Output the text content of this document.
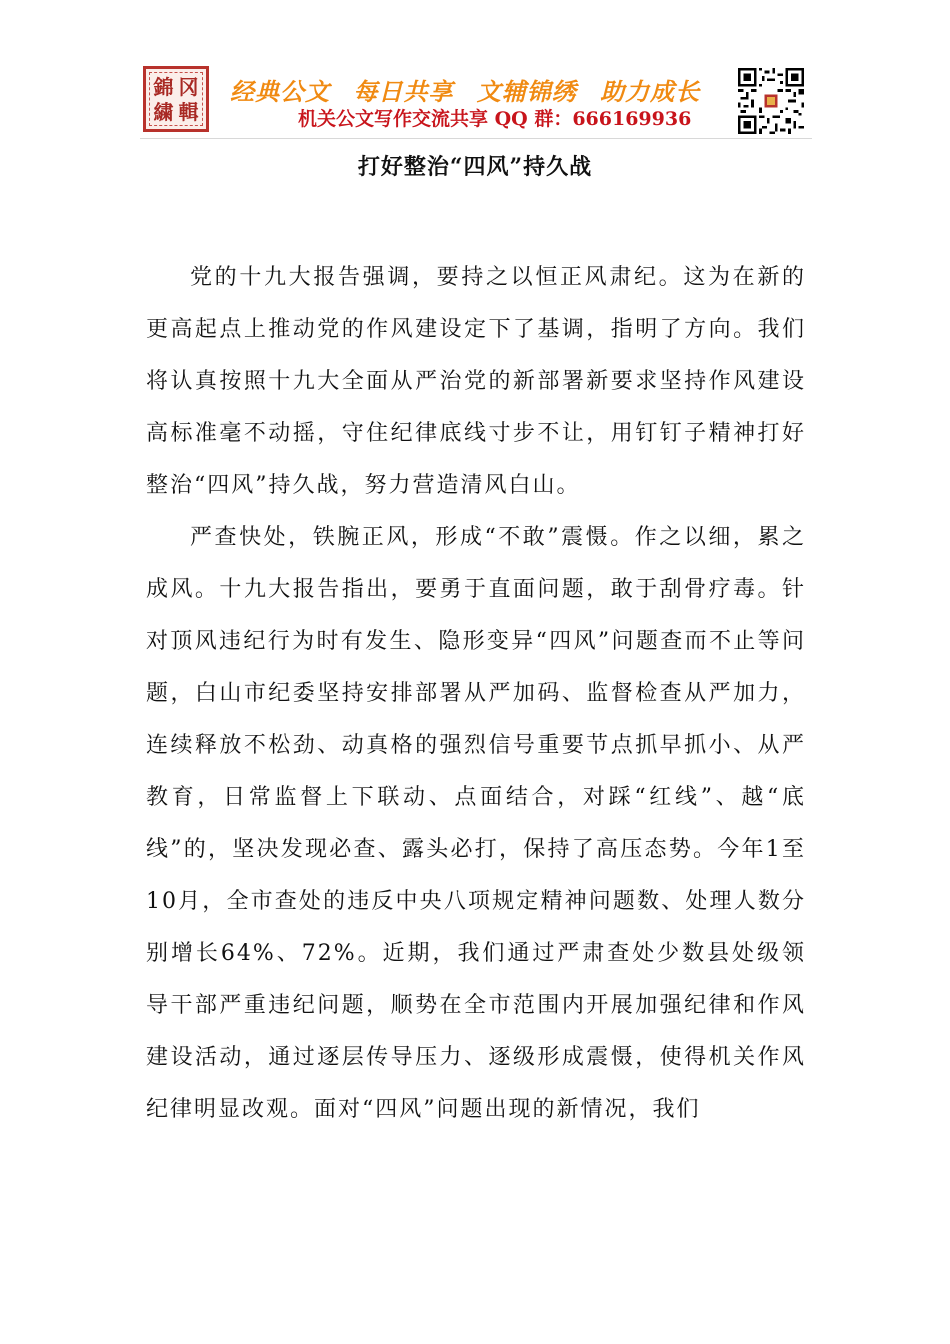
錦 冈
繍 輯
经典公文 每日共享 文辅锦绣 助力成长
机关公文写作交流共享 QQ 群：666169936
打好整治“四风”持久战

党的十九大报告强调，要持之以恒正风肃纪。这为在新的更高起点上推动党的作风建设定下了基调，指明了方向。我们将认真按照十九大全面从严治党的新部署新要求坚持作风建设高标准毫不动摇，守住纪律底线寸步不让，用钉钉子精神打好整治“四风”持久战，努力营造清风白山。

严查快处，铁腕正风，形成“不敢”震慑。作之以细，累之成风。十九大报告指出，要勇于直面问题，敢于刮骨疗毒。针对顶风违纪行为时有发生、隐形变异“四风”问题查而不止等问题，白山市纪委坚持安排部署从严加码、监督检查从严加力，连续释放不松劲、动真格的强烈信号重要节点抓早抓小、从严教育，日常监督上下联动、点面结合，对踩“红线”、越“底线”的，坚决发现必查、露头必打，保持了高压态势。今年1至10月，全市查处的违反中央八项规定精神问题数、处理人数分别增长64%、72%。近期，我们通过严肃查处少数县处级领导干部严重违纪问题，顺势在全市范围内开展加强纪律和作风建设活动，通过逐层传导压力、逐级形成震慑，使得机关作风纪律明显改观。面对“四风”问题出现的新情况，我们
